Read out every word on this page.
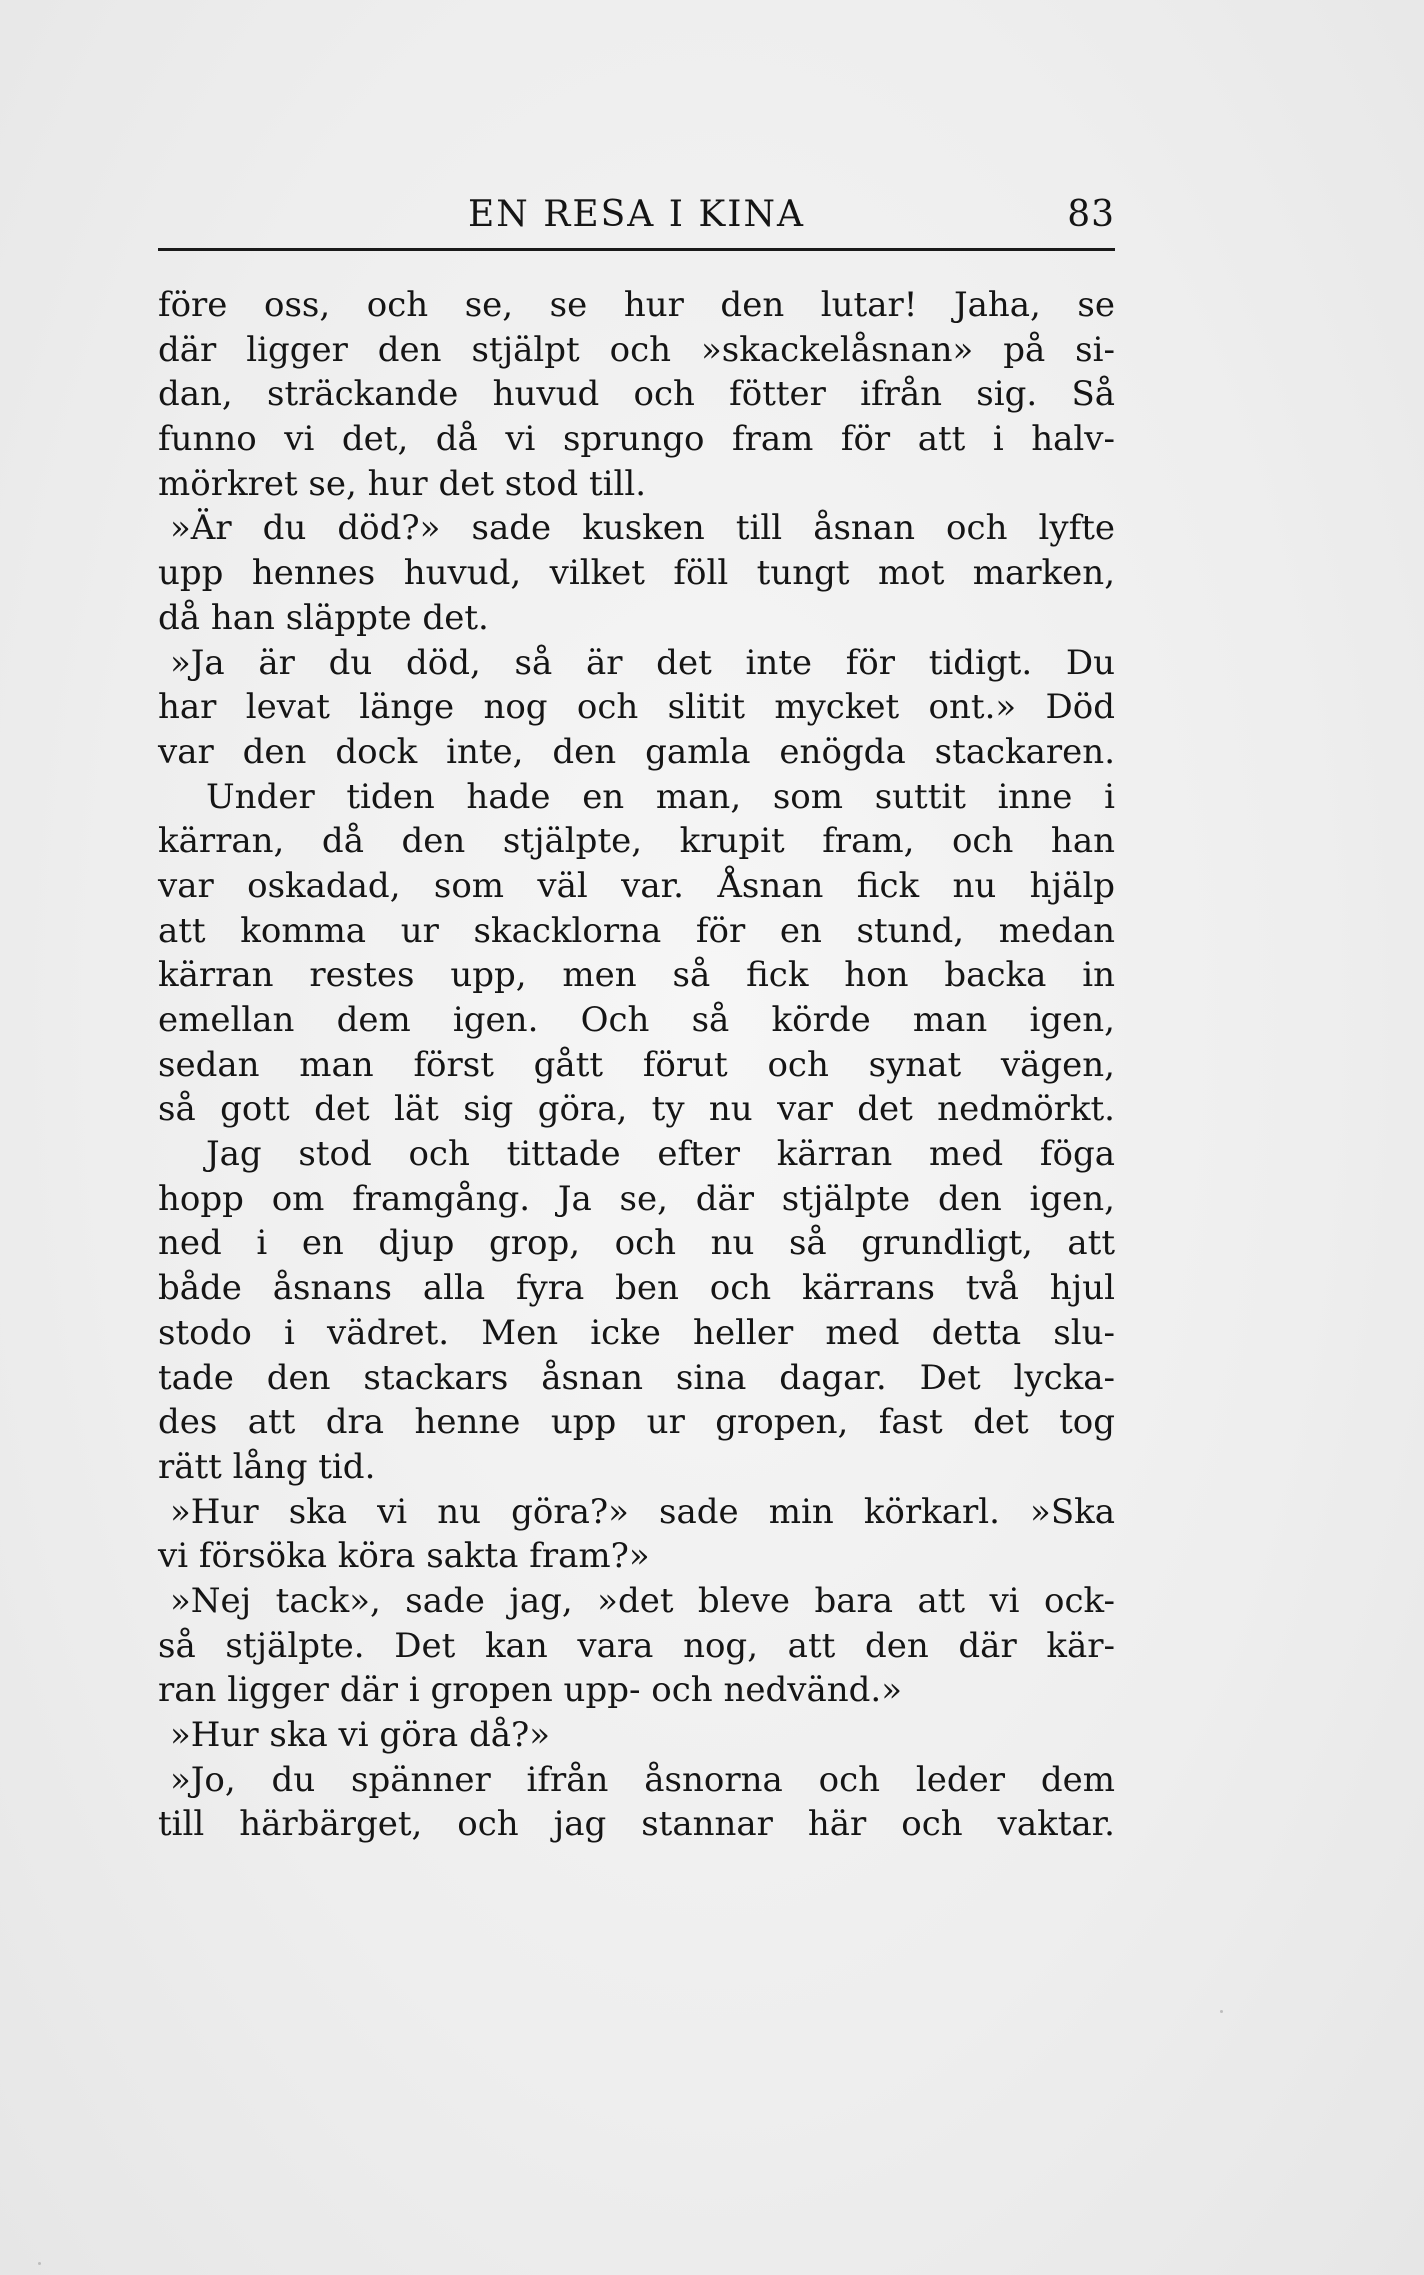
EN RESA I KINA	83
före oss, och se, se hur den lutar! Jaha, se
där ligger den stjälpt och »skackelåsnan» på si-
dan, sträckande huvud och fötter ifrån sig. Så
funno vi det, då vi sprungo fram för att i halv-
mörkret se, hur det stod till.
»Är du död?» sade kusken till åsnan och lyfte
upp hennes huvud, vilket föll tungt mot marken,
då han släppte det.
»Ja är du död, så är det inte för tidigt. Du
har levat länge nog och slitit mycket ont.» Död
var den dock inte, den gamla enögda stackaren.
Under tiden hade en man, som suttit inne i
kärran, då den stjälpte, krupit fram, och han
var oskadad, som väl var. Åsnan fick nu hjälp
att komma ur skacklorna för en stund, medan
kärran restes upp, men så fick hon backa in
emellan dem igen. Och så körde man igen,
sedan man först gått förut och synat vägen,
så gott det lät sig göra, ty nu var det nedmörkt.
Jag stod och tittade efter kärran med föga
hopp om framgång. Ja se, där stjälpte den igen,
ned i en djup grop, och nu så grundligt, att
både åsnans alla fyra ben och kärrans två hjul
stodo i vädret. Men icke heller med detta slu-
tade den stackars åsnan sina dagar. Det lycka-
des att dra henne upp ur gropen, fast det tog
rätt lång tid.
»Hur ska vi nu göra?» sade min körkarl. »Ska
vi försöka köra sakta fram?»
»Nej tack», sade jag, »det bleve bara att vi ock-
så stjälpte. Det kan vara nog, att den där kär-
ran ligger där i gropen upp- och nedvänd.»
»Hur ska vi göra då?»
»Jo, du spänner ifrån åsnorna och leder dem
till härbärget, och jag stannar här och vaktar.
